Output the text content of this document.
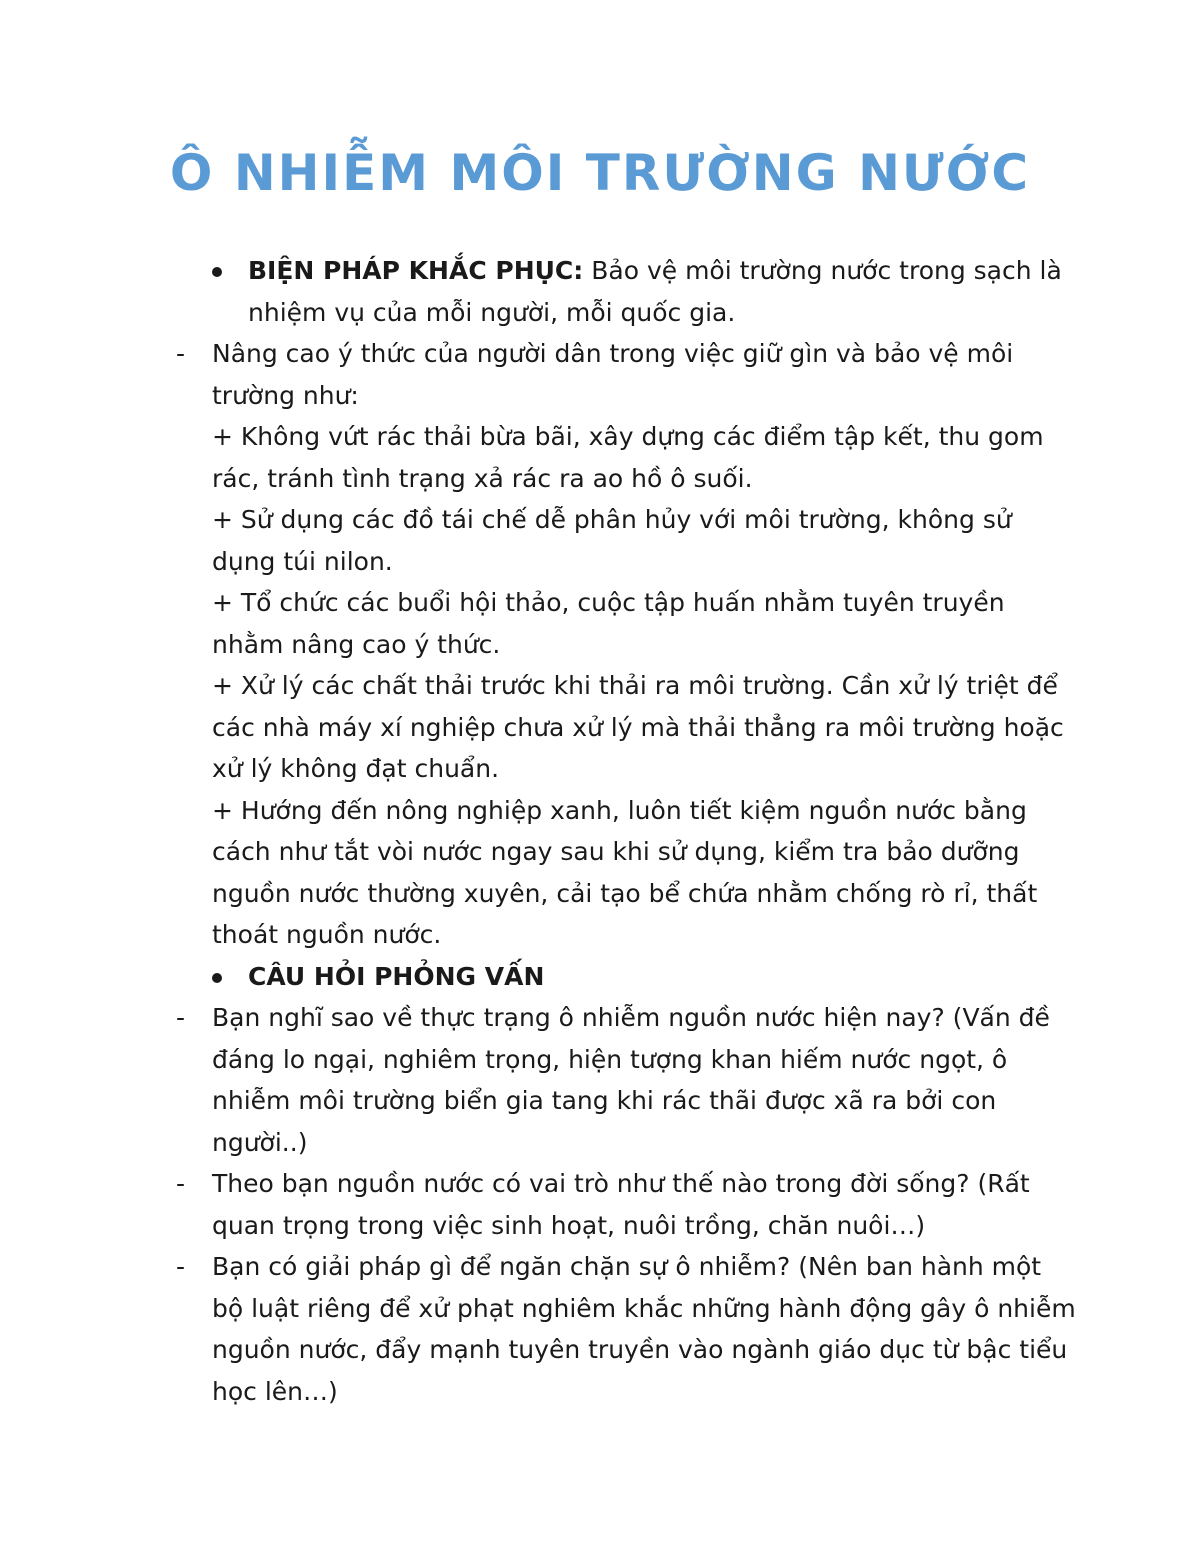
Ô NHIỄM MÔI TRƯỜNG NƯỚC

BIỆN PHÁP KHẮC PHỤC: Bảo vệ môi trường nước trong sạch là nhiệm vụ của mỗi người, mỗi quốc gia.

- Nâng cao ý thức của người dân trong việc giữ gìn và bảo vệ môi trường như:

+ Không vứt rác thải bừa bãi, xây dựng các điểm tập kết, thu gom rác, tránh tình trạng xả rác ra ao hồ ô suối.

+ Sử dụng các đồ tái chế dễ phân hủy với môi trường, không sử dụng túi nilon.

+ Tổ chức các buổi hội thảo, cuộc tập huấn nhằm tuyên truyền nhằm nâng cao ý thức.

+ Xử lý các chất thải trước khi thải ra môi trường. Cần xử lý triệt để các nhà máy xí nghiệp chưa xử lý mà thải thẳng ra môi trường hoặc xử lý không đạt chuẩn.

+ Hướng đến nông nghiệp xanh, luôn tiết kiệm nguồn nước bằng cách như tắt vòi nước ngay sau khi sử dụng, kiểm tra bảo dưỡng nguồn nước thường xuyên, cải tạo bể chứa nhằm chống rò rỉ, thất thoát nguồn nước.

CÂU HỎI PHỎNG VẤN

- Bạn nghĩ sao về thực trạng ô nhiễm nguồn nước hiện nay? (Vấn đề đáng lo ngại, nghiêm trọng, hiện tượng khan hiếm nước ngọt, ô nhiễm môi trường biển gia tang khi rác thãi được xã ra bởi con người..)

- Theo bạn nguồn nước có vai trò như thế nào trong đời sống? (Rất quan trọng trong việc sinh hoạt, nuôi trồng, chăn nuôi…)

- Bạn có giải pháp gì để ngăn chặn sự ô nhiễm? (Nên ban hành một bộ luật riêng để xử phạt nghiêm khắc những hành động gây ô nhiễm nguồn nước, đẩy mạnh tuyên truyền vào ngành giáo dục từ bậc tiểu học lên…)
